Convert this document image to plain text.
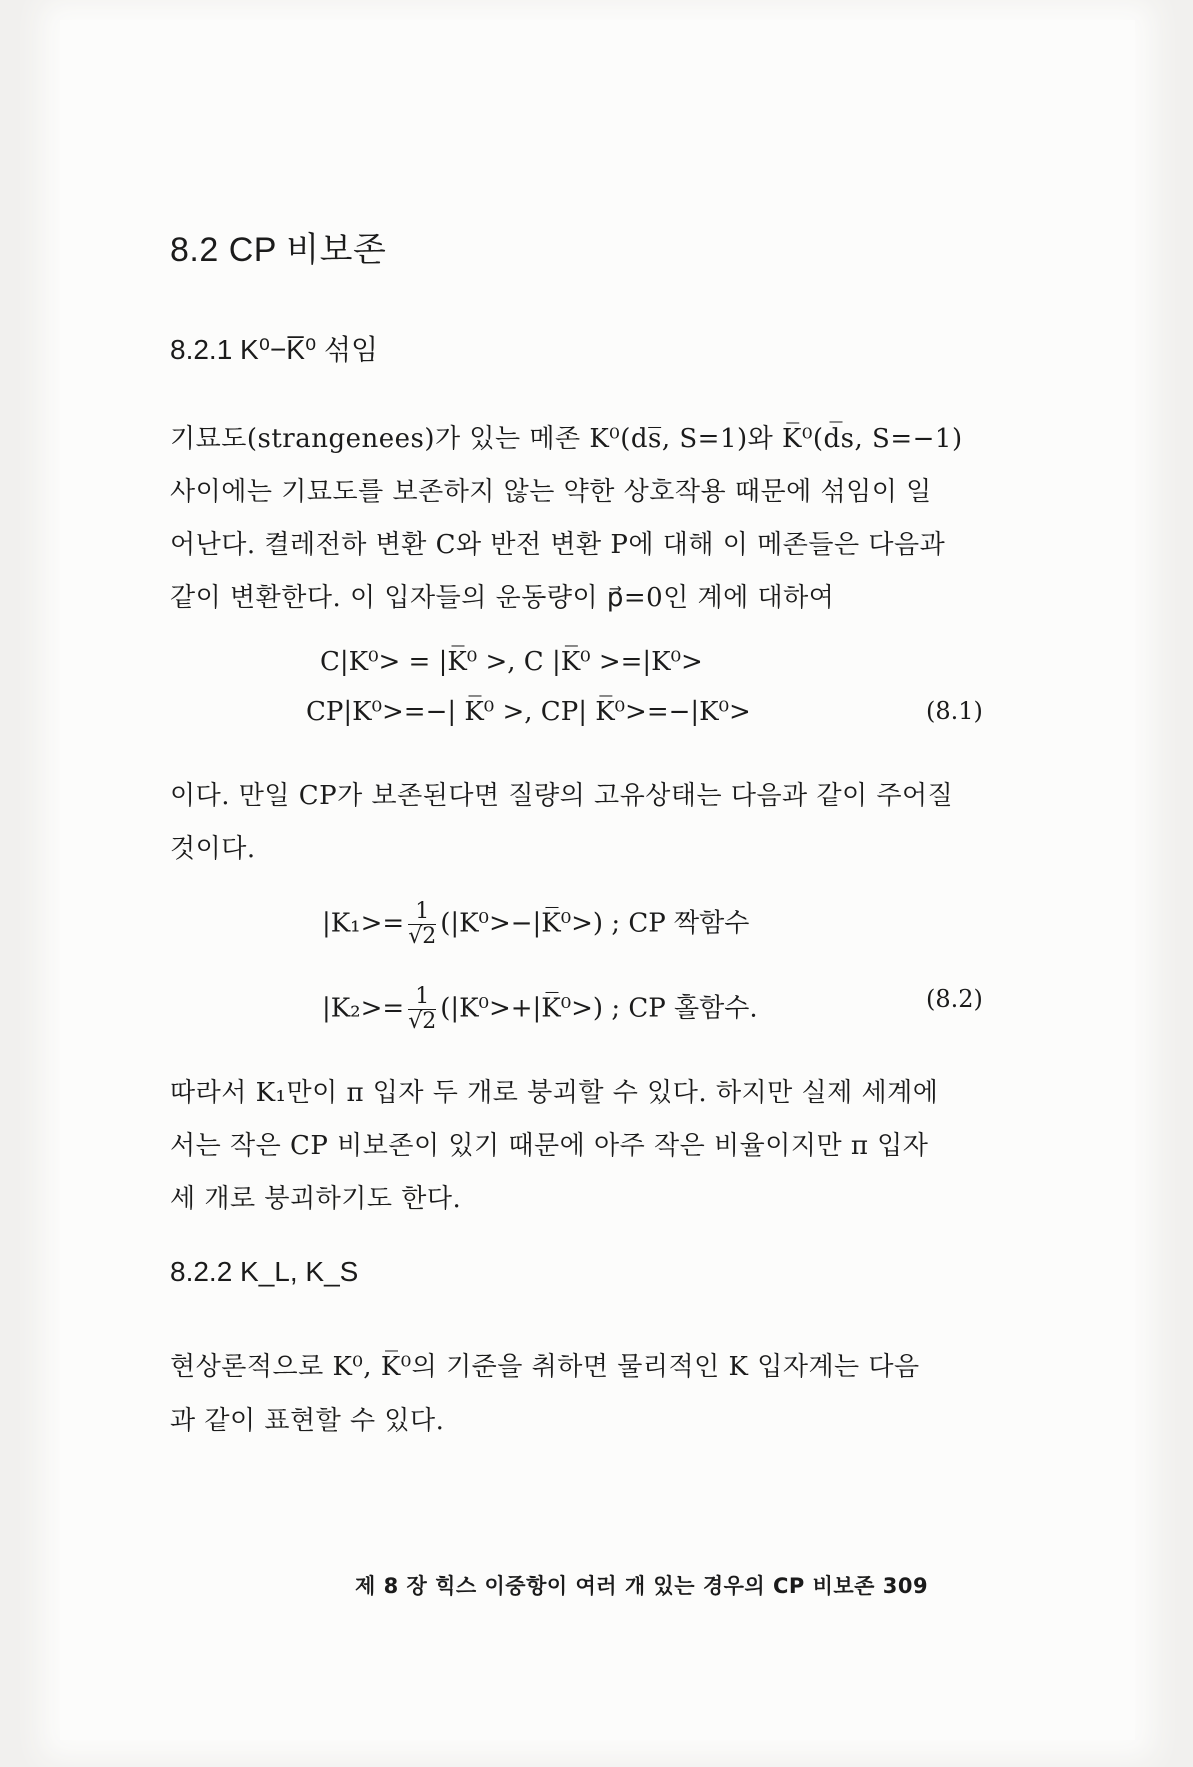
8.2 CP 비보존
8.2.1 K⁰−K̅⁰ 섞임
기묘도(strangenees)가 있는 메존 K⁰(ds̅, S=1)와 K̅⁰(d̅s, S=−1)
사이에는 기묘도를 보존하지 않는 약한 상호작용 때문에 섞임이 일
어난다. 켤레전하 변환 C와 반전 변환 P에 대해 이 메존들은 다음과
같이 변환한다. 이 입자들의 운동량이 p⃗=0인 계에 대하여
C|K⁰> = |K̅⁰ >, C |K̅⁰ >=|K⁰>
CP|K⁰>=−| K̅⁰ >, CP| K̅⁰>=−|K⁰>	(8.1)
이다. 만일 CP가 보존된다면 질량의 고유상태는 다음과 같이 주어질
것이다.
$|K_1>= \frac{1}{√2}$ (|K⁰>−|K̅⁰>) ; CP 짝함수
$|K_2>= \frac{1}{√2}$ (|K⁰>+|K̅⁰>) ; CP 홀함수.	(8.2)
따라서 K₁만이 π 입자 두 개로 붕괴할 수 있다. 하지만 실제 세계에
서는 작은 CP 비보존이 있기 때문에 아주 작은 비율이지만 π 입자
세 개로 붕괴하기도 한다.
8.2.2 K_L, K_S
현상론적으로 K⁰, K̅⁰의 기준을 취하면 물리적인 K 입자계는 다음
과 같이 표현할 수 있다.
제 8 장 힉스 이중항이 여러 개 있는 경우의 CP 비보존 309
